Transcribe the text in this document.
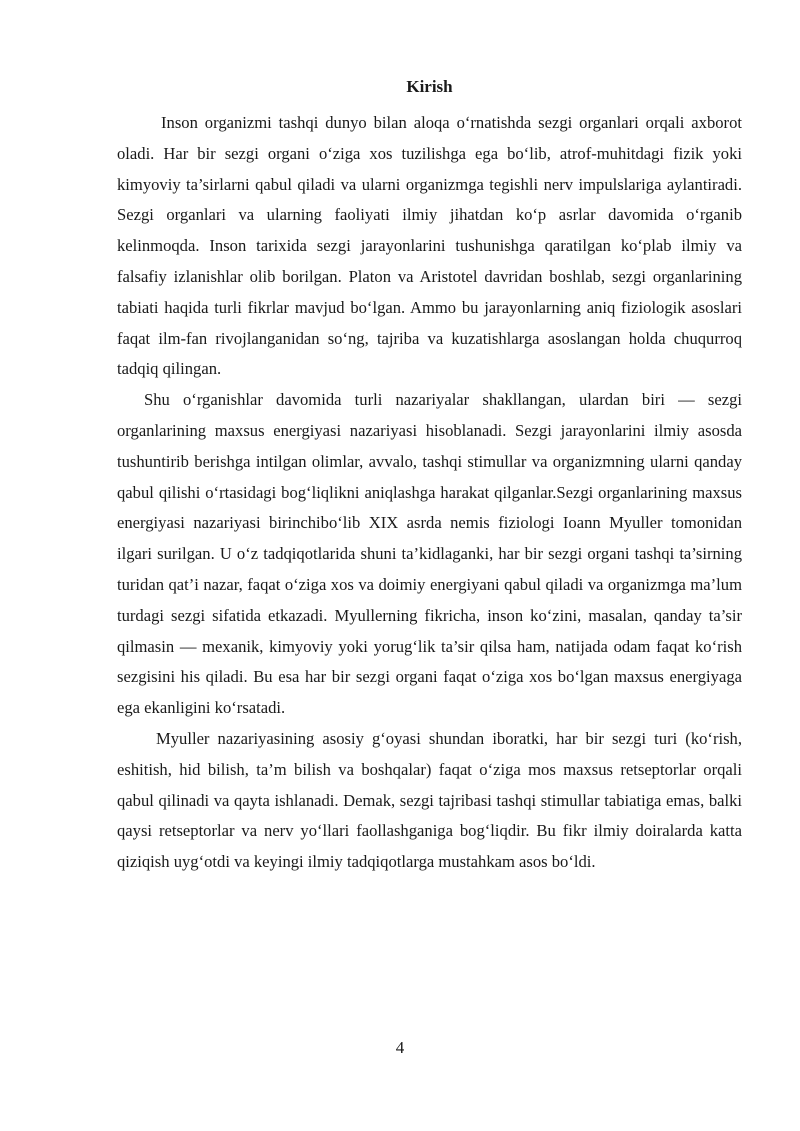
Kirish

Inson organizmi tashqi dunyo bilan aloqa o‘rnatishda sezgi organlari orqali axborot oladi. Har bir sezgi organi o‘ziga xos tuzilishga ega bo‘lib, atrof-muhitdagi fizik yoki kimyoviy ta’sirlarni qabul qiladi va ularni organizmga tegishli nerv impulslariga aylantiradi. Sezgi organlari va ularning faoliyati ilmiy jihatdan ko‘p asrlar davomida o‘rganib kelinmoqda. Inson tarixida sezgi jarayonlarini tushunishga qaratilgan ko‘plab ilmiy va falsafiy izlanishlar olib borilgan. Platon va Aristotel davridan boshlab, sezgi organlarining tabiati haqida turli fikrlar mavjud bo‘lgan. Ammo bu jarayonlarning aniq fiziologik asoslari faqat ilm-fan rivojlanganidan so‘ng, tajriba va kuzatishlarga asoslangan holda chuqurroq tadqiq qilingan.

Shu o‘rganishlar davomida turli nazariyalar shakllangan, ulardan biri — sezgi organlarining maxsus energiyasi nazariyasi hisoblanadi. Sezgi jarayonlarini ilmiy asosda tushuntirib berishga intilgan olimlar, avvalo, tashqi stimullar va organizmning ularni qanday qabul qilishi o‘rtasidagi bog‘liqlikni aniqlashga harakat qilganlar.Sezgi organlarining maxsus energiyasi nazariyasi birinchibo‘lib XIX asrda nemis fiziologi Ioann Myuller tomonidan ilgari surilgan. U o‘z tadqiqotlarida shuni ta’kidlaganki, har bir sezgi organi tashqi ta’sirning turidan qat’i nazar, faqat o‘ziga xos va doimiy energiyani qabul qiladi va organizmga ma’lum turdagi sezgi sifatida etkazadi. Myullerning fikricha, inson ko‘zini, masalan, qanday ta’sir qilmasin — mexanik, kimyoviy yoki yorug‘lik ta’sir qilsa ham, natijada odam faqat ko‘rish sezgisini his qiladi. Bu esa har bir sezgi organi faqat o‘ziga xos bo‘lgan maxsus energiyaga ega ekanligini ko‘rsatadi.

Myuller nazariyasining asosiy g‘oyasi shundan iboratki, har bir sezgi turi (ko‘rish, eshitish, hid bilish, ta’m bilish va boshqalar) faqat o‘ziga mos maxsus retseptorlar orqali qabul qilinadi va qayta ishlanadi. Demak, sezgi tajribasi tashqi stimullar tabiatiga emas, balki qaysi retseptorlar va nerv yo‘llari faollashganiga bog‘liqdir. Bu fikr ilmiy doiralarda katta qiziqish uyg‘otdi va keyingi ilmiy tadqiqotlarga mustahkam asos bo‘ldi.

4
